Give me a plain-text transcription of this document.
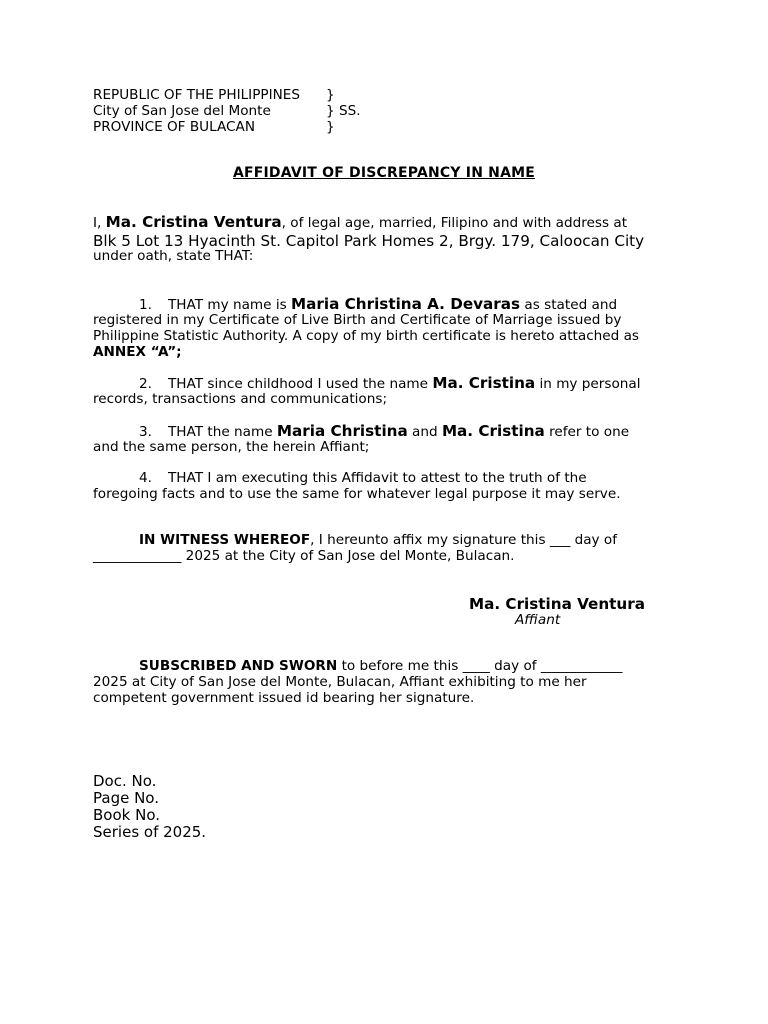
REPUBLIC OF THE PHILIPPINES
City of San Jose del Monte
PROVINCE OF BULACAN
}
} SS.
}
AFFIDAVIT OF DISCREPANCY IN NAME
I, Ma. Cristina Ventura, of legal age, married, Filipino and with address at
Blk 5 Lot 13 Hyacinth St. Capitol Park Homes 2, Brgy. 179, Caloocan City
under oath, state THAT:
1. THAT my name is Maria Christina A. Devaras as stated and
registered in my Certificate of Live Birth and Certificate of Marriage issued by
Philippine Statistic Authority. A copy of my birth certificate is hereto attached as
ANNEX “A”;
2. THAT since childhood I used the name Ma. Cristina in my personal
records, transactions and communications;
3. THAT the name Maria Christina and Ma. Cristina refer to one
and the same person, the herein Affiant;
4. THAT I am executing this Affidavit to attest to the truth of the
foregoing facts and to use the same for whatever legal purpose it may serve.
IN WITNESS WHEREOF, I hereunto affix my signature this ___ day of
_____________ 2025 at the City of San Jose del Monte, Bulacan.
Ma. Cristina Ventura
Affiant
SUBSCRIBED AND SWORN to before me this ____ day of ____________
2025 at City of San Jose del Monte, Bulacan, Affiant exhibiting to me her
competent government issued id bearing her signature.
Doc. No.
Page No.
Book No.
Series of 2025.
